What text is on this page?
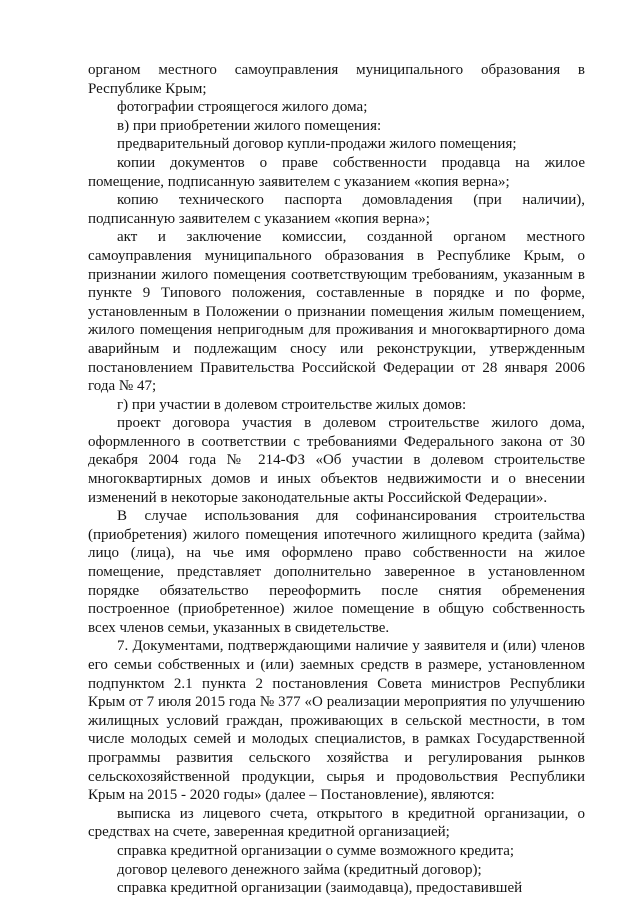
органом местного самоуправления муниципального образования в Республике Крым;

фотографии строящегося жилого дома;

в) при приобретении жилого помещения:

предварительный договор купли-продажи жилого помещения;

копии документов о праве собственности продавца на жилое помещение, подписанную заявителем с указанием «копия верна»;

копию технического паспорта домовладения (при наличии), подписанную заявителем с указанием «копия верна»;

акт и заключение комиссии, созданной органом местного самоуправления муниципального образования в Республике Крым, о признании жилого помещения соответствующим требованиям, указанным в пункте 9 Типового положения, составленные в порядке и по форме, установленным в Положении о признании помещения жилым помещением, жилого помещения непригодным для проживания и многоквартирного дома аварийным и подлежащим сносу или реконструкции, утвержденным постановлением Правительства Российской Федерации от 28 января 2006 года № 47;

г) при участии в долевом строительстве жилых домов:

проект договора участия в долевом строительстве жилого дома, оформленного в соответствии с требованиями Федерального закона от 30 декабря 2004 года № 214-ФЗ «Об участии в долевом строительстве многоквартирных домов и иных объектов недвижимости и о внесении изменений в некоторые законодательные акты Российской Федерации».

В случае использования для софинансирования строительства (приобретения) жилого помещения ипотечного жилищного кредита (займа) лицо (лица), на чье имя оформлено право собственности на жилое помещение, представляет дополнительно заверенное в установленном порядке обязательство переоформить после снятия обременения построенное (приобретенное) жилое помещение в общую собственность всех членов семьи, указанных в свидетельстве.

7. Документами, подтверждающими наличие у заявителя и (или) членов его семьи собственных и (или) заемных средств в размере, установленном подпунктом 2.1 пункта 2 постановления Совета министров Республики Крым от 7 июля 2015 года № 377 «О реализации мероприятия по улучшению жилищных условий граждан, проживающих в сельской местности, в том числе молодых семей и молодых специалистов, в рамках Государственной программы развития сельского хозяйства и регулирования рынков сельскохозяйственной продукции, сырья и продовольствия Республики Крым на 2015 - 2020 годы» (далее – Постановление), являются:

выписка из лицевого счета, открытого в кредитной организации, о средствах на счете, заверенная кредитной организацией;

справка кредитной организации о сумме возможного кредита;

договор целевого денежного займа (кредитный договор);

справка кредитной организации (заимодавца), предоставившей
